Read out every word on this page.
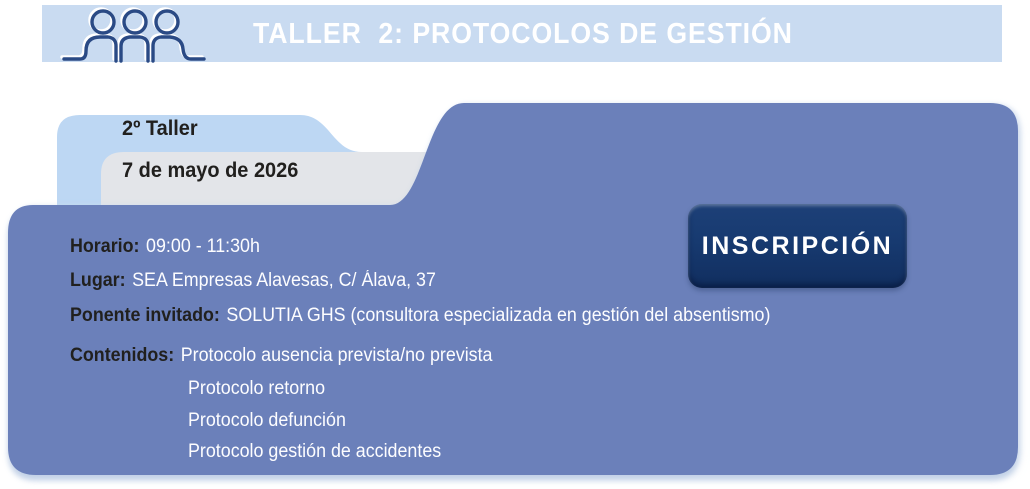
TALLER  2: PROTOCOLOS DE GESTIÓN
2º Taller
7 de mayo de 2026
Horario: 09:00 - 11:30h
Lugar: SEA Empresas Alavesas, C/ Álava, 37
Ponente invitado: SOLUTIA GHS (consultora especializada en gestión del absentismo)
Contenidos: Protocolo ausencia prevista/no prevista
Protocolo retorno
Protocolo defunción
Protocolo gestión de accidentes
INSCRIPCIÓN
